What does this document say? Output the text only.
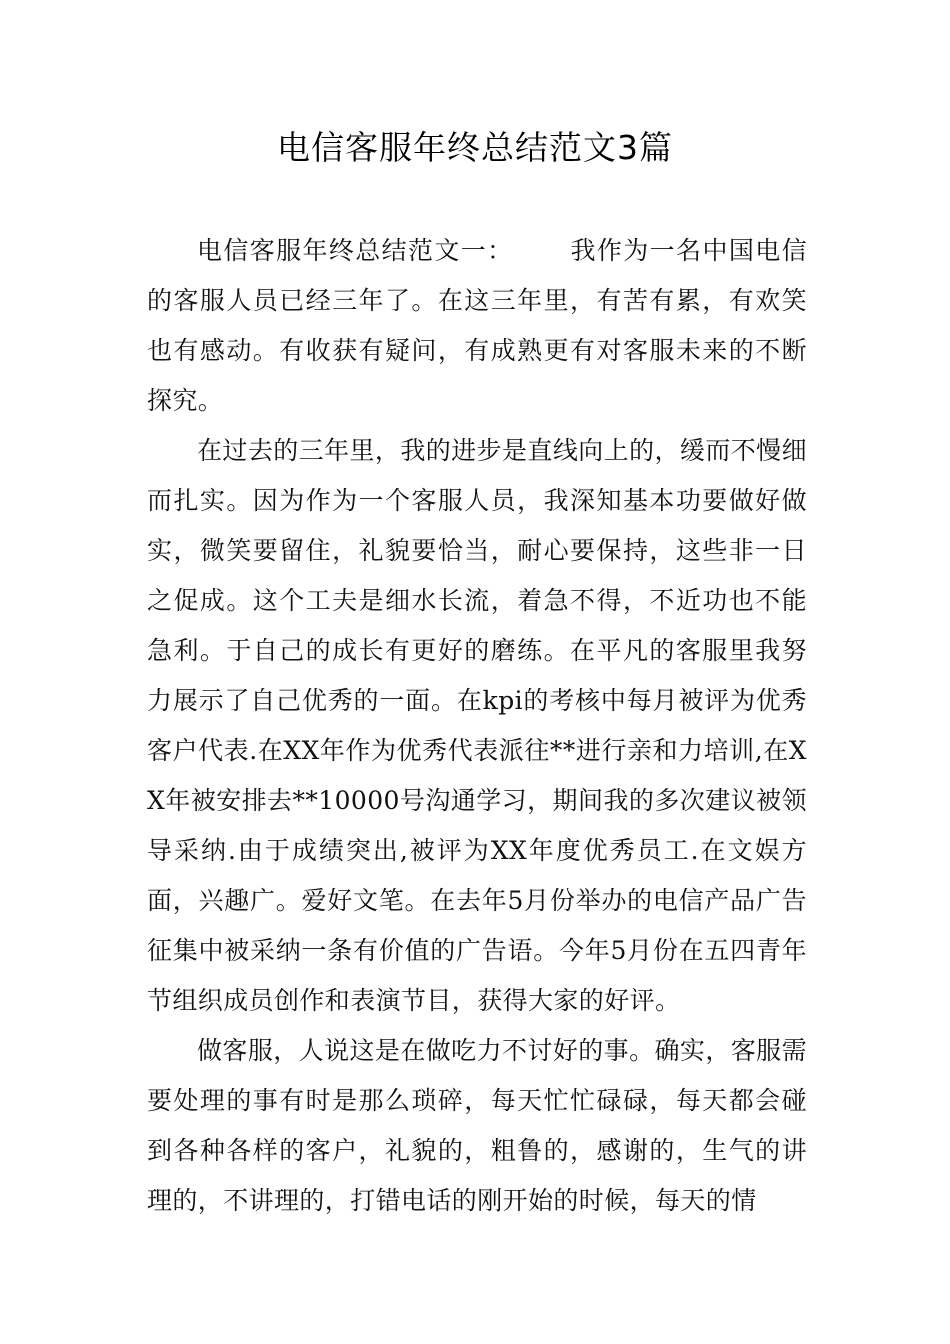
电信客服年终总结范文3篇

电信客服年终总结范文一： 我作为一名中国电信的客服人员已经三年了。在这三年里，有苦有累，有欢笑也有感动。有收获有疑问，有成熟更有对客服未来的不断探究。

在过去的三年里，我的进步是直线向上的，缓而不慢细而扎实。因为作为一个客服人员，我深知基本功要做好做实，微笑要留住，礼貌要恰当，耐心要保持，这些非一日之促成。这个工夫是细水长流，着急不得，不近功也不能急利。于自己的成长有更好的磨练。在平凡的客服里我努力展示了自己优秀的一面。在kpi的考核中每月被评为优秀客户代表.在XX年作为优秀代表派往**进行亲和力培训,在XX年被安排去**10000号沟通学习，期间我的多次建议被领导采纳.由于成绩突出,被评为XX年度优秀员工.在文娱方面，兴趣广。爱好文笔。在去年5月份举办的电信产品广告征集中被采纳一条有价值的广告语。今年5月份在五四青年节组织成员创作和表演节目，获得大家的好评。

做客服，人说这是在做吃力不讨好的事。确实，客服需要处理的事有时是那么琐碎，每天忙忙碌碌，每天都会碰到各种各样的客户，礼貌的，粗鲁的，感谢的，生气的讲理的，不讲理的，打错电话的刚开始的时候，每天的情
